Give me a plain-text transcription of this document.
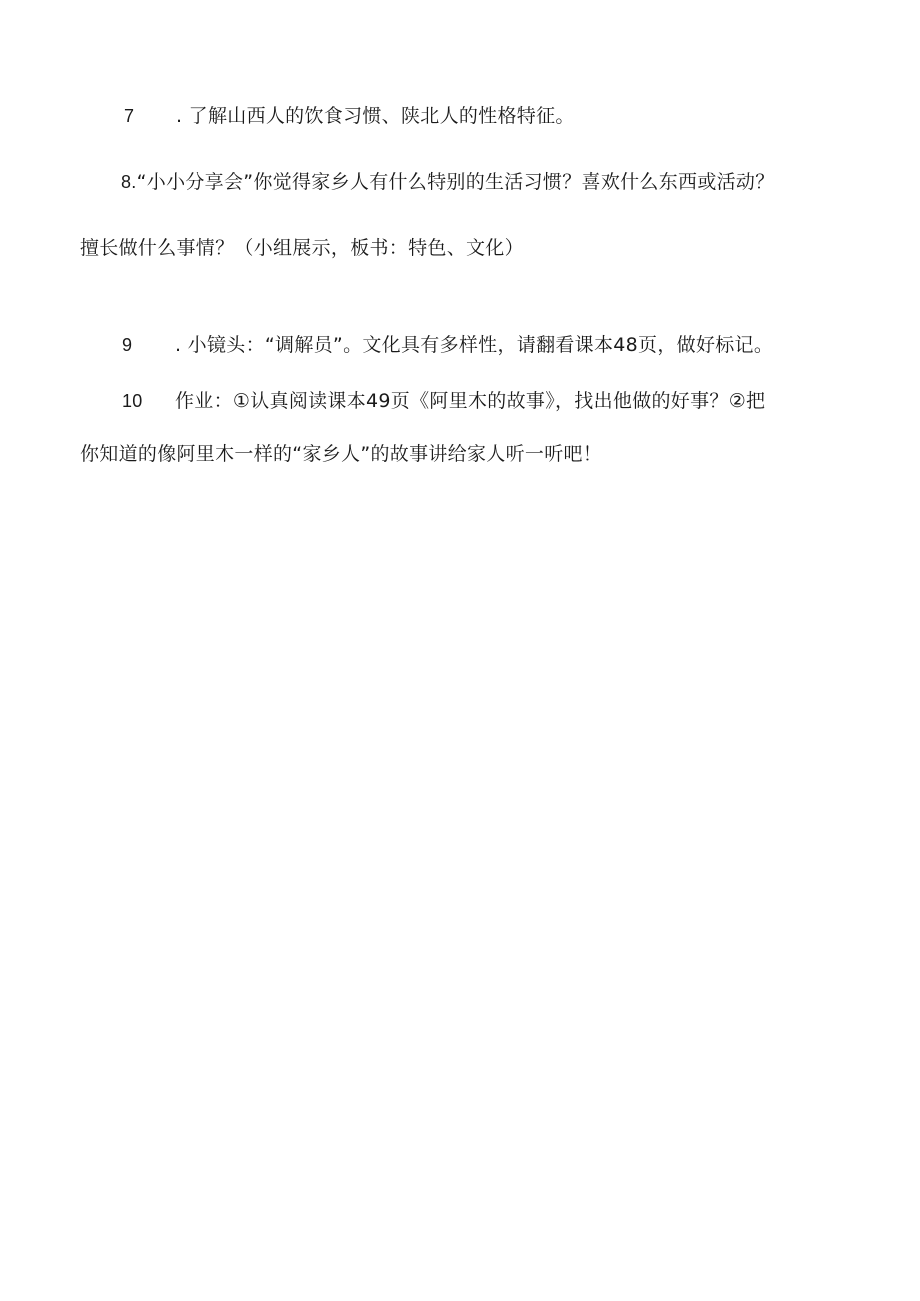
7 . 了解山西人的饮食习惯、陕北人的性格特征。
8.“小小分享会”你觉得家乡人有什么特别的生活习惯？喜欢什么东西或活动？
擅长做什么事情？（小组展示，板书：特色、文化）
9 . 小镜头：“调解员”。文化具有多样性，请翻看课本48页，做好标记。
10 作业：①认真阅读课本49页《阿里木的故事》，找出他做的好事？②把
你知道的像阿里木一样的“家乡人”的故事讲给家人听一听吧！
